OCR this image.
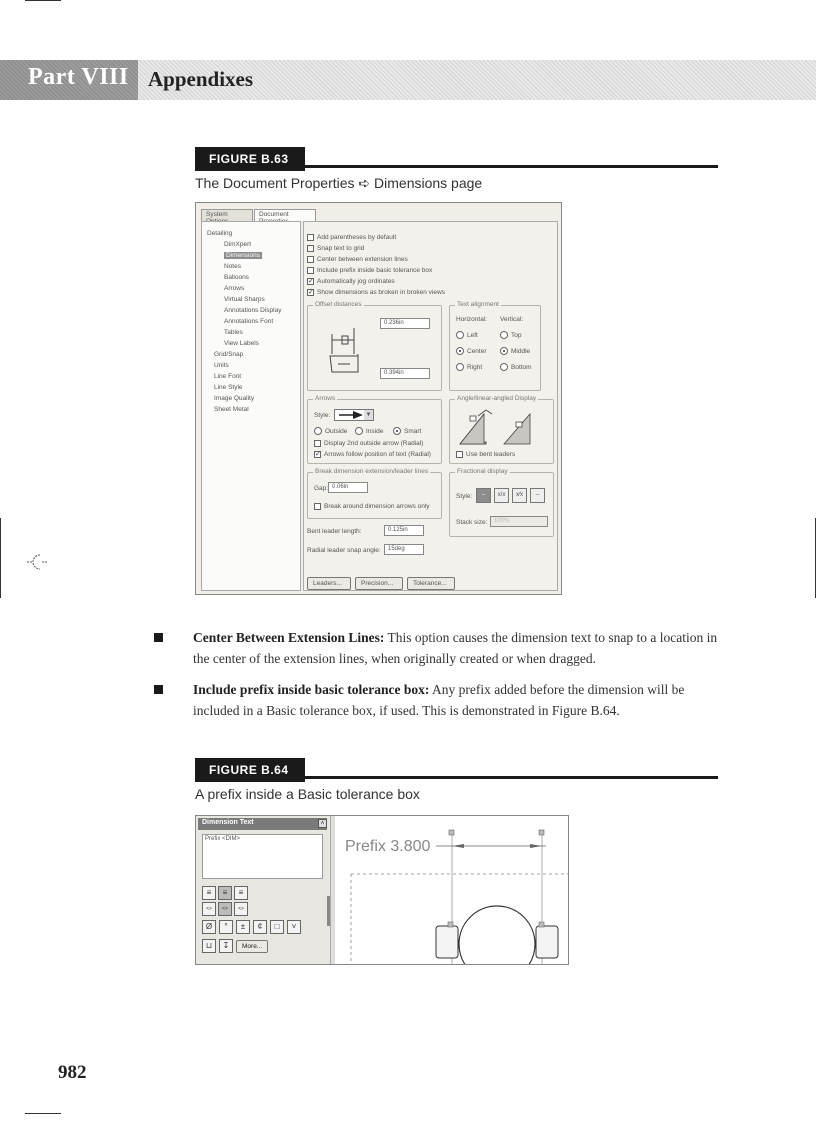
Part VIII Appendixes
FIGURE B.63
The Document Properties ➪ Dimensions page
System	Document
Detailing
DimXpert
Dimensions
Notes
Balloons
Arrows
Virtual Sharps
Annotations Display
Annotations Font
Tables
View Labels
Grid/Snap
Units
Line Font
Line Style
Image Quality
Sheet Metal
Add parentheses by default
Snap text to grid
Center between extension lines
Include prefix inside basic tolerance box
✓ Automatically jog ordinates
✓ Show dimensions as broken in broken views
Offset distances
0.236in
0.394in
Text alignment
Horizontal: Vertical:
Left
Center
Right
Top
Middle
Bottom
Arrows
Style:	▼
Outside	Inside	Smart
Display 2nd outside arrow (Radial)
✓ Arrows follow position of text (Radial)
Angle/linear-angled Display
Use bent leaders
Break dimension extension/leader lines
Gap: 0.06in
Break around dimension arrows only
Fractional display
Style:	--	x/x	x⁄x	--
Stack size:	100%
Bent leader length:	0.125in
Radial leader snap angle:	15deg
Leaders...	Precision...	Tolerance...
Center Between Extension Lines: This option causes the dimension text to snap to a location in the center of the extension lines, when originally created or when dragged.
Include prefix inside basic tolerance box: Any prefix added before the dimension will be included in a Basic tolerance box, if used. This is demonstrated in Figure B.64.
FIGURE B.64
A prefix inside a Basic tolerance box
Dimension Text	˄
Prefix <DIM>
≡	≡	≡
<>	<>	<>
Ø	°	±	¢	□	˅
⊔	↧	More...
Prefix 3.800
982
